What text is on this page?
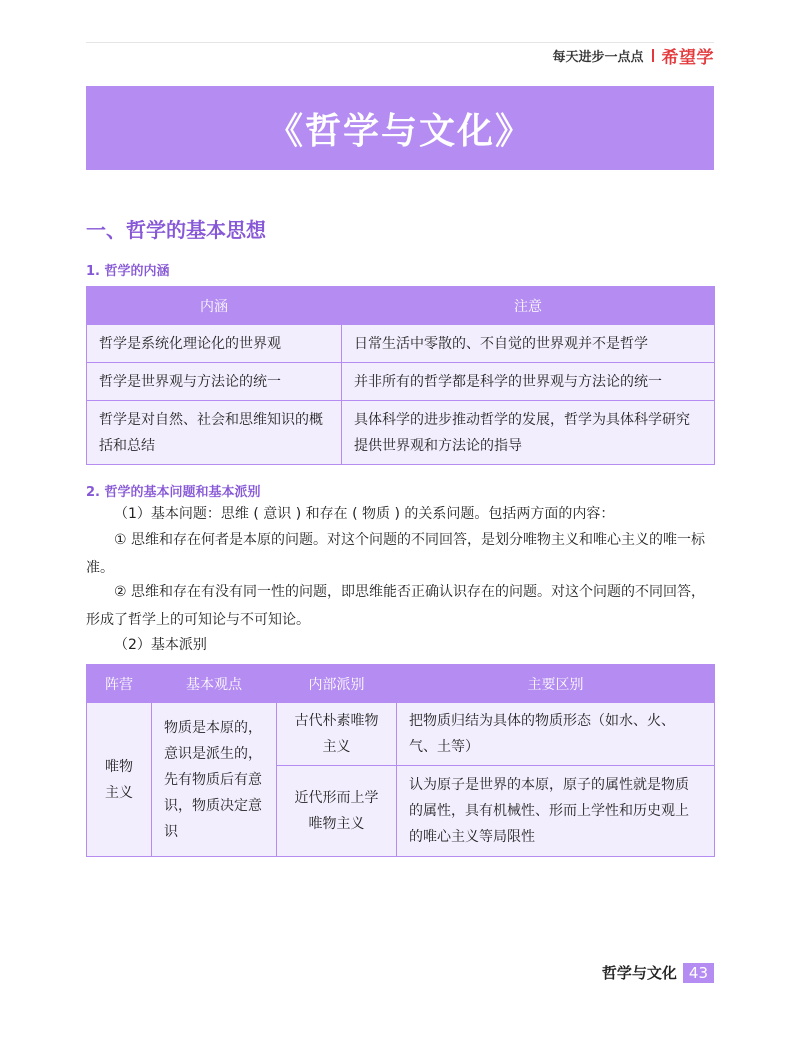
每天进步一点点 希望学
《哲学与文化》
一、哲学的基本思想
1. 哲学的内涵
内涵	注意
哲学是系统化理论化的世界观	日常生活中零散的、不自觉的世界观并不是哲学
哲学是世界观与方法论的统一	并非所有的哲学都是科学的世界观与方法论的统一
哲学是对自然、社会和思维知识的概括和总结	具体科学的进步推动哲学的发展，哲学为具体科学研究提供世界观和方法论的指导
2. 哲学的基本问题和基本派别
（1）基本问题：思维 ( 意识 ) 和存在 ( 物质 ) 的关系问题。包括两方面的内容：
① 思维和存在何者是本原的问题。对这个问题的不同回答，是划分唯物主义和唯心主义的唯一标准。
② 思维和存在有没有同一性的问题，即思维能否正确认识存在的问题。对这个问题的不同回答，形成了哲学上的可知论与不可知论。
（2）基本派别
阵营	基本观点	内部派别	主要区别
唯物主义	物质是本原的，意识是派生的，先有物质后有意识，物质决定意识	古代朴素唯物主义	把物质归结为具体的物质形态（如水、火、气、土等）
		近代形而上学唯物主义	认为原子是世界的本原，原子的属性就是物质的属性，具有机械性、形而上学性和历史观上的唯心主义等局限性
哲学与文化 43
